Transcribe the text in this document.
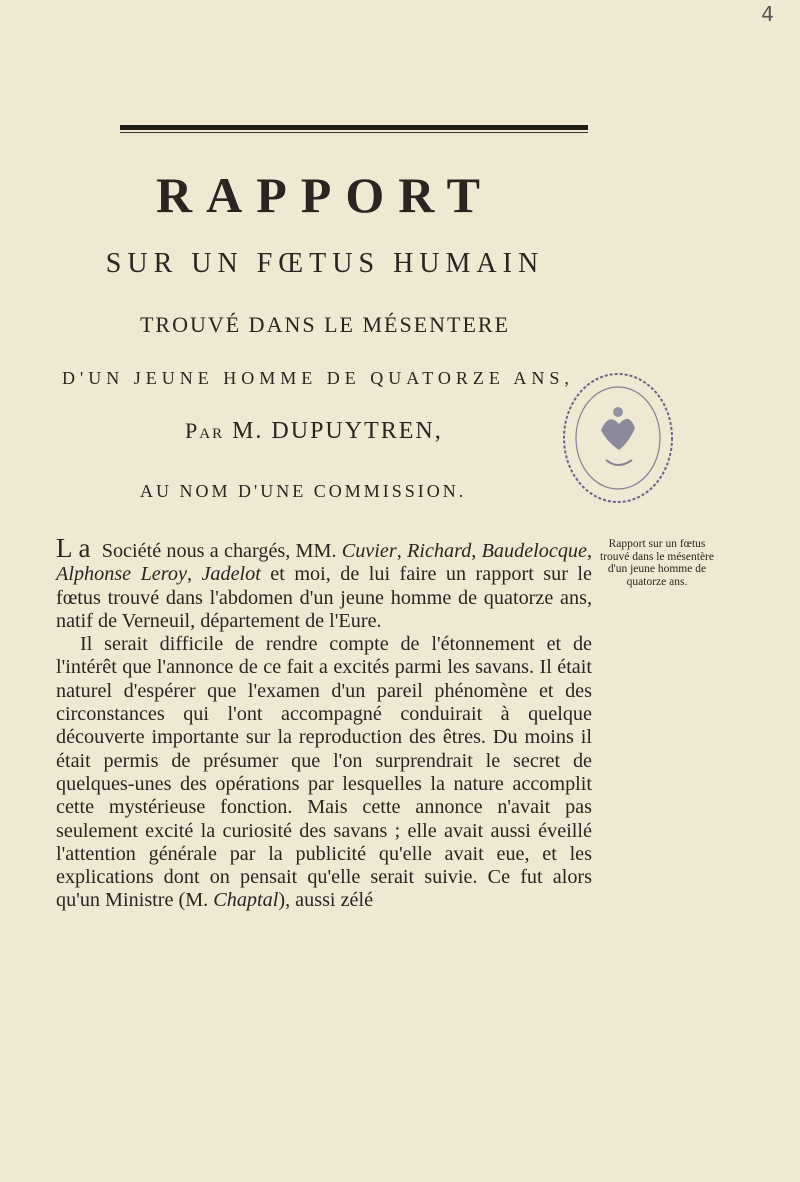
4
RAPPORT
SUR UN FŒTUS HUMAIN
TROUVÉ DANS LE MÉSENTERE
D'UN JEUNE HOMME DE QUATORZE ANS,
Par M. DUPUYTREN,
AU NOM D'UNE COMMISSION.
Rapport sur un fœtus trouvé dans le mésentère d'un jeune homme de quatorze ans.

La Société nous a chargés, MM. Cuvier, Richard, Baudelocque, Alphonse Leroy, Jadelot et moi, de lui faire un rapport sur le fœtus trouvé dans l'abdomen d'un jeune homme de quatorze ans, natif de Verneuil, département de l'Eure.

Il serait difficile de rendre compte de l'étonnement et de l'intérêt que l'annonce de ce fait a excités parmi les savans. Il était naturel d'espérer que l'examen d'un pareil phénomène et des circonstances qui l'ont accompagné conduirait à quelque découverte importante sur la reproduction des êtres. Du moins il était permis de présumer que l'on surprendrait le secret de quelques-unes des opérations par lesquelles la nature accomplit cette mystérieuse fonction. Mais cette annonce n'avait pas seulement excité la curiosité des savans ; elle avait aussi éveillé l'attention générale par la publicité qu'elle avait eue, et les explications dont on pensait qu'elle serait suivie. Ce fut alors qu'un Ministre (M. Chaptal), aussi zélé
